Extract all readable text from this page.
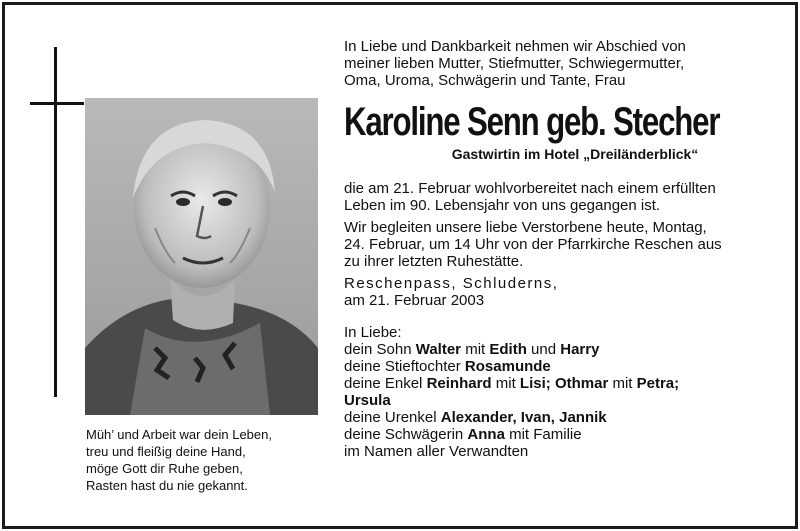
Müh’ und Arbeit war dein Leben,
treu und fleißig deine Hand,
möge Gott dir Ruhe geben,
Rasten hast du nie gekannt.
In Liebe und Dankbarkeit nehmen wir Abschied von
meiner lieben Mutter, Stiefmutter, Schwiegermutter,
Oma, Uroma, Schwägerin und Tante, Frau
Karoline Senn geb. Stecher
Gastwirtin im Hotel „Dreiländerblick“
die am 21. Februar wohlvorbereitet nach einem erfüllten
Leben im 90. Lebensjahr von uns gegangen ist.
Wir begleiten unsere liebe Verstorbene heute, Montag,
24. Februar, um 14 Uhr von der Pfarrkirche Reschen aus
zu ihrer letzten Ruhestätte.
Reschenpass, Schluderns,
am 21. Februar 2003
In Liebe:
dein Sohn Walter mit Edith und Harry
deine Stieftochter Rosamunde
deine Enkel Reinhard mit Lisi; Othmar mit Petra;
Ursula
deine Urenkel Alexander, Ivan, Jannik
deine Schwägerin Anna mit Familie
im Namen aller Verwandten
